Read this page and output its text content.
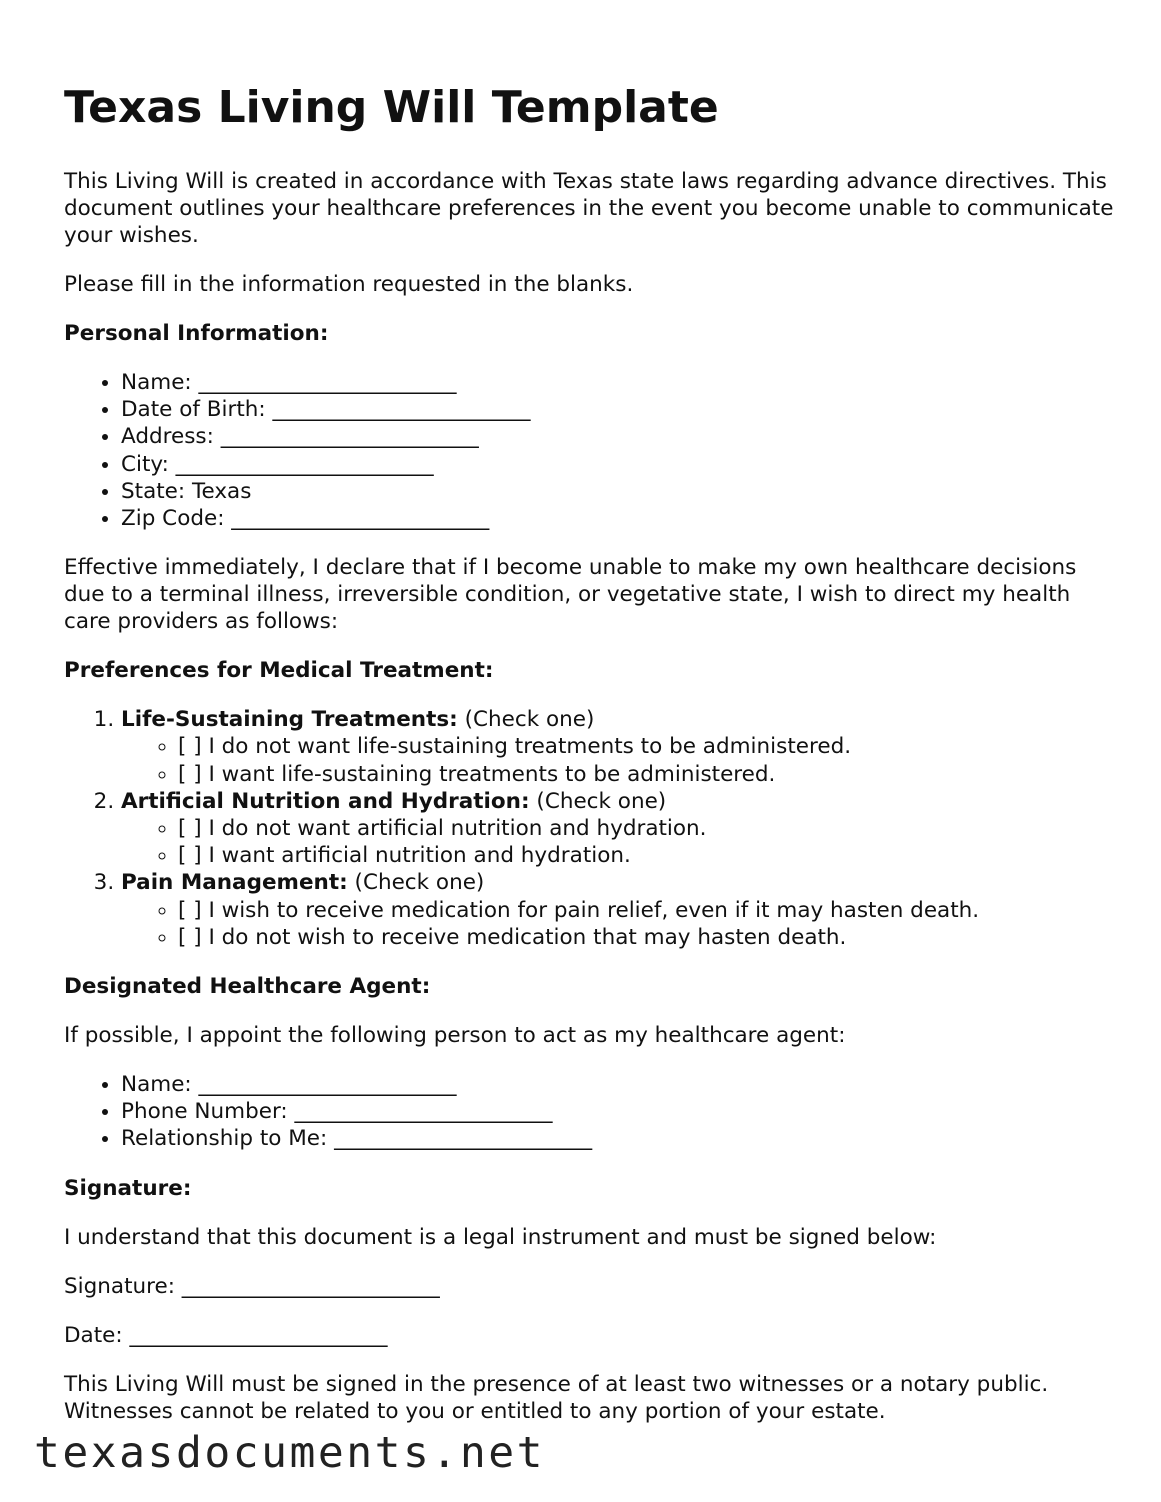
Texas Living Will Template

This Living Will is created in accordance with Texas state laws regarding advance directives. This document outlines your healthcare preferences in the event you become unable to communicate your wishes.

Please fill in the information requested in the blanks.

Personal Information:
• Name: ________________________
• Date of Birth: ________________________
• Address: ________________________
• City: ________________________
• State: Texas
• Zip Code: ________________________

Effective immediately, I declare that if I become unable to make my own healthcare decisions due to a terminal illness, irreversible condition, or vegetative state, I wish to direct my health care providers as follows:

Preferences for Medical Treatment:
1. Life-Sustaining Treatments: (Check one)
◦ [ ] I do not want life-sustaining treatments to be administered.
◦ [ ] I want life-sustaining treatments to be administered.
2. Artificial Nutrition and Hydration: (Check one)
◦ [ ] I do not want artificial nutrition and hydration.
◦ [ ] I want artificial nutrition and hydration.
3. Pain Management: (Check one)
◦ [ ] I wish to receive medication for pain relief, even if it may hasten death.
◦ [ ] I do not wish to receive medication that may hasten death.
Designated Healthcare Agent:

If possible, I appoint the following person to act as my healthcare agent:

• Name: ________________________
• Phone Number: ________________________
• Relationship to Me: ________________________
Signature:

I understand that this document is a legal instrument and must be signed below:

Signature: ________________________

Date: ________________________

This Living Will must be signed in the presence of at least two witnesses or a notary public. Witnesses cannot be related to you or entitled to any portion of your estate.

texasdocuments.net
